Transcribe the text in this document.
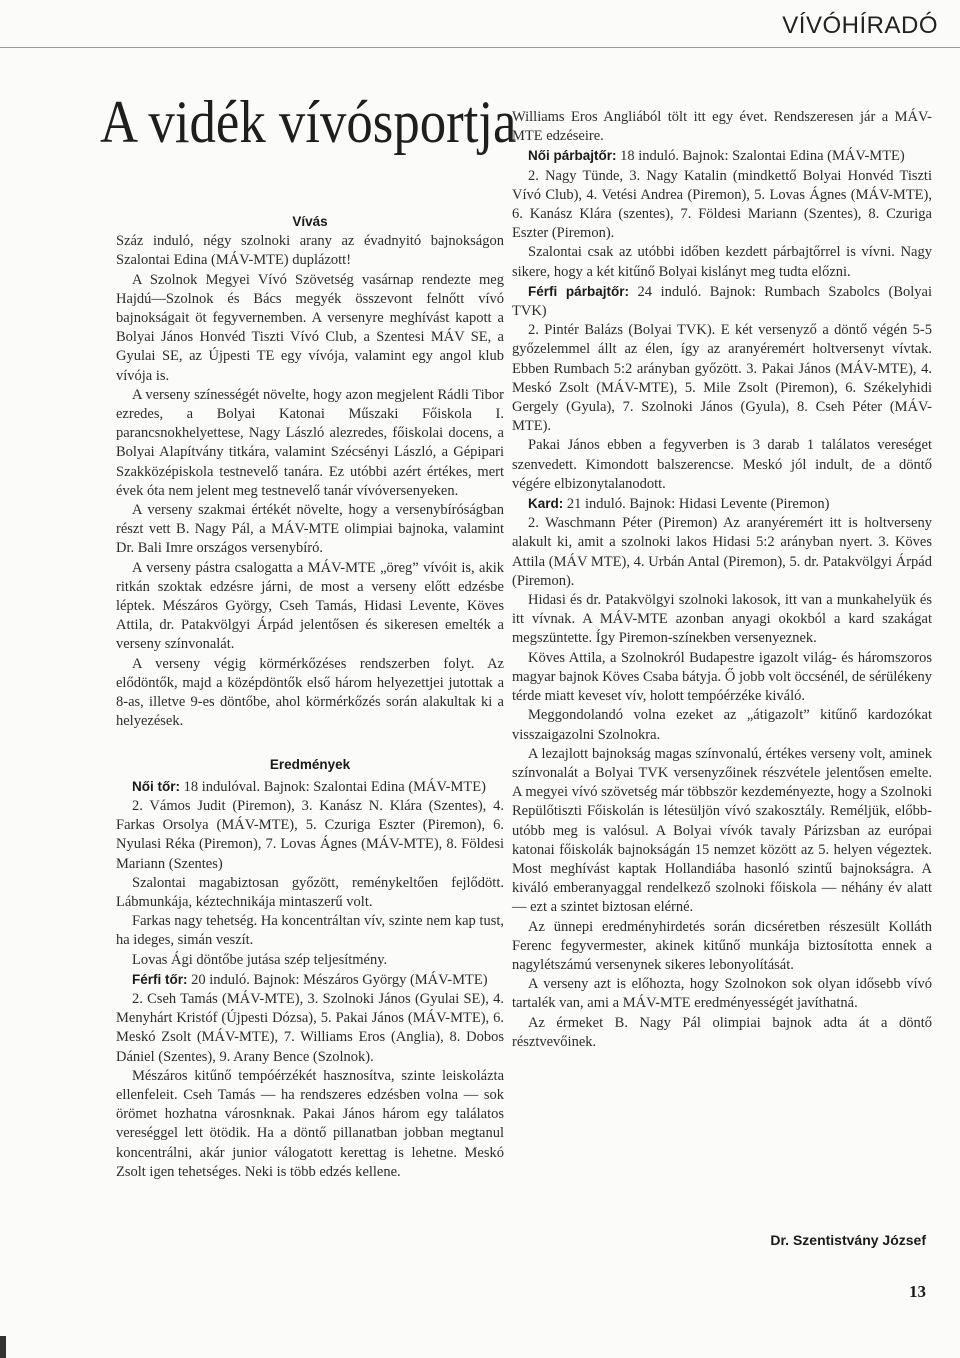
VÍVÓHÍRADÓ
A vidék vívósportja
Vívás

Száz induló, négy szolnoki arany az évadnyitó bajnokságon Szalontai Edina (MÁV-MTE) duplázott!

A Szolnok Megyei Vívó Szövetség vasárnap rendezte meg Hajdú—Szolnok és Bács megyék összevont felnőtt vívó bajnokságait öt fegyvernemben. A versenyre meghívást kapott a Bolyai János Honvéd Tiszti Vívó Club, a Szentesi MÁV SE, a Gyulai SE, az Újpesti TE egy vívója, valamint egy angol klub vívója is.

A verseny színességét növelte, hogy azon megjelent Rádli Tibor ezredes, a Bolyai Katonai Műszaki Főiskola I. parancsnokhelyettese, Nagy László alezredes, főiskolai docens, a Bolyai Alapítvány titkára, valamint Szécsényi László, a Gépipari Szakközépiskola testnevelő tanára. Ez utóbbi azért értékes, mert évek óta nem jelent meg testnevelő tanár vívóversenyeken.

A verseny szakmai értékét növelte, hogy a versenybíróságban részt vett B. Nagy Pál, a MÁV-MTE olimpiai bajnoka, valamint Dr. Bali Imre országos versenybíró.

A verseny pástra csalogatta a MÁV-MTE „öreg” vívóit is, akik ritkán szoktak edzésre járni, de most a verseny előtt edzésbe léptek. Mészáros György, Cseh Tamás, Hidasi Levente, Köves Attila, dr. Patakvölgyi Árpád jelentősen és sikeresen emelték a verseny színvonalát.

A verseny végig körmérkőzéses rendszerben folyt. Az elődöntők, majd a középdöntők első három helyezettjei jutottak a 8-as, illetve 9-es döntőbe, ahol körmérkőzés során alakultak ki a helyezések.

Eredmények

Női tőr: 18 indulóval. Bajnok: Szalontai Edina (MÁV-MTE)

2. Vámos Judit (Piremon), 3. Kanász N. Klára (Szentes), 4. Farkas Orsolya (MÁV-MTE), 5. Czuriga Eszter (Piremon), 6. Nyulasi Réka (Piremon), 7. Lovas Ágnes (MÁV-MTE), 8. Földesi Mariann (Szentes)

Szalontai magabiztosan győzött, reménykeltően fejlődött. Lábmunkája, kéztechnikája mintaszerű volt.

Farkas nagy tehetség. Ha koncentráltan vív, szinte nem kap tust, ha ideges, simán veszít.

Lovas Ági döntőbe jutása szép teljesítmény.

Férfi tőr: 20 induló. Bajnok: Mészáros György (MÁV-MTE)

2. Cseh Tamás (MÁV-MTE), 3. Szolnoki János (Gyulai SE), 4. Menyhárt Kristóf (Újpesti Dózsa), 5. Pakai János (MÁV-MTE), 6. Meskó Zsolt (MÁV-MTE), 7. Williams Eros (Anglia), 8. Dobos Dániel (Szentes), 9. Arany Bence (Szolnok).

Mészáros kitűnő tempóérzékét hasznosítva, szinte leiskolázta ellenfeleit. Cseh Tamás — ha rendszeres edzésben volna — sok örömet hozhatna városnknak. Pakai János három egy találatos vereséggel lett ötödik. Ha a döntő pillanatban jobban megtanul koncentrálni, akár junior válogatott kerettag is lehetne. Meskó Zsolt igen tehetséges. Neki is több edzés kellene.

Williams Eros Angliából tölt itt egy évet. Rendszeresen jár a MÁV-MTE edzéseire.

Női párbajtőr: 18 induló. Bajnok: Szalontai Edina (MÁV-MTE)

2. Nagy Tünde, 3. Nagy Katalin (mindkettő Bolyai Honvéd Tiszti Vívó Club), 4. Vetési Andrea (Piremon), 5. Lovas Ágnes (MÁV-MTE), 6. Kanász Klára (szentes), 7. Földesi Mariann (Szentes), 8. Czuriga Eszter (Piremon).

Szalontai csak az utóbbi időben kezdett párbajtőrrel is vívni. Nagy sikere, hogy a két kitűnő Bolyai kislányt meg tudta előzni.

Férfi párbajtőr: 24 induló. Bajnok: Rumbach Szabolcs (Bolyai TVK)

2. Pintér Balázs (Bolyai TVK). E két versenyző a döntő végén 5-5 győzelemmel állt az élen, így az aranyéremért holtversenyt vívtak. Ebben Rumbach 5:2 arányban győzött. 3. Pakai János (MÁV-MTE), 4. Meskó Zsolt (MÁV-MTE), 5. Mile Zsolt (Piremon), 6. Székelyhidi Gergely (Gyula), 7. Szolnoki János (Gyula), 8. Cseh Péter (MÁV-MTE).

Pakai János ebben a fegyverben is 3 darab 1 találatos vereséget szenvedett. Kimondott balszerencse. Meskó jól indult, de a döntő végére elbizonytalanodott.

Kard: 21 induló. Bajnok: Hidasi Levente (Piremon)

2. Waschmann Péter (Piremon) Az aranyéremért itt is holtverseny alakult ki, amit a szolnoki lakos Hidasi 5:2 arányban nyert. 3. Köves Attila (MÁV MTE), 4. Urbán Antal (Piremon), 5. dr. Patakvölgyi Árpád (Piremon).

Hidasi és dr. Patakvölgyi szolnoki lakosok, itt van a munkahelyük és itt vívnak. A MÁV-MTE azonban anyagi okokból a kard szakágat megszüntette. Így Piremon-színekben versenyeznek.

Köves Attila, a Szolnokról Budapestre igazolt világ- és háromszoros magyar bajnok Köves Csaba bátyja. Ő jobb volt öccsénél, de sérülékeny térde miatt keveset vív, holott tempóérzéke kiváló.

Meggondolandó volna ezeket az „átigazolt” kitűnő kardozókat visszaigazolni Szolnokra.

A lezajlott bajnokság magas színvonalú, értékes verseny volt, aminek színvonalát a Bolyai TVK versenyzőinek részvétele jelentősen emelte. A megyei vívó szövetség már többször kezdeményezte, hogy a Szolnoki Repülőtiszti Főiskolán is létesüljön vívó szakosztály. Reméljük, előbb-utóbb meg is valósul. A Bolyai vívók tavaly Párizsban az európai katonai főiskolák bajnokságán 15 nemzet között az 5. helyen végeztek. Most meghívást kaptak Hollandiába hasonló szintű bajnokságra. A kiváló emberanyaggal rendelkező szolnoki főiskola — néhány év alatt — ezt a szintet biztosan elérné.

Az ünnepi eredményhirdetés során dicséretben részesült Kolláth Ferenc fegyvermester, akinek kitűnő munkája biztosította ennek a nagylétszámú versenynek sikeres lebonyolítását.

A verseny azt is előhozta, hogy Szolnokon sok olyan idősebb vívó tartalék van, ami a MÁV-MTE eredményességét javíthatná.

Az érmeket B. Nagy Pál olimpiai bajnok adta át a döntő résztvevőinek.

Dr. Szentistvány József
13
